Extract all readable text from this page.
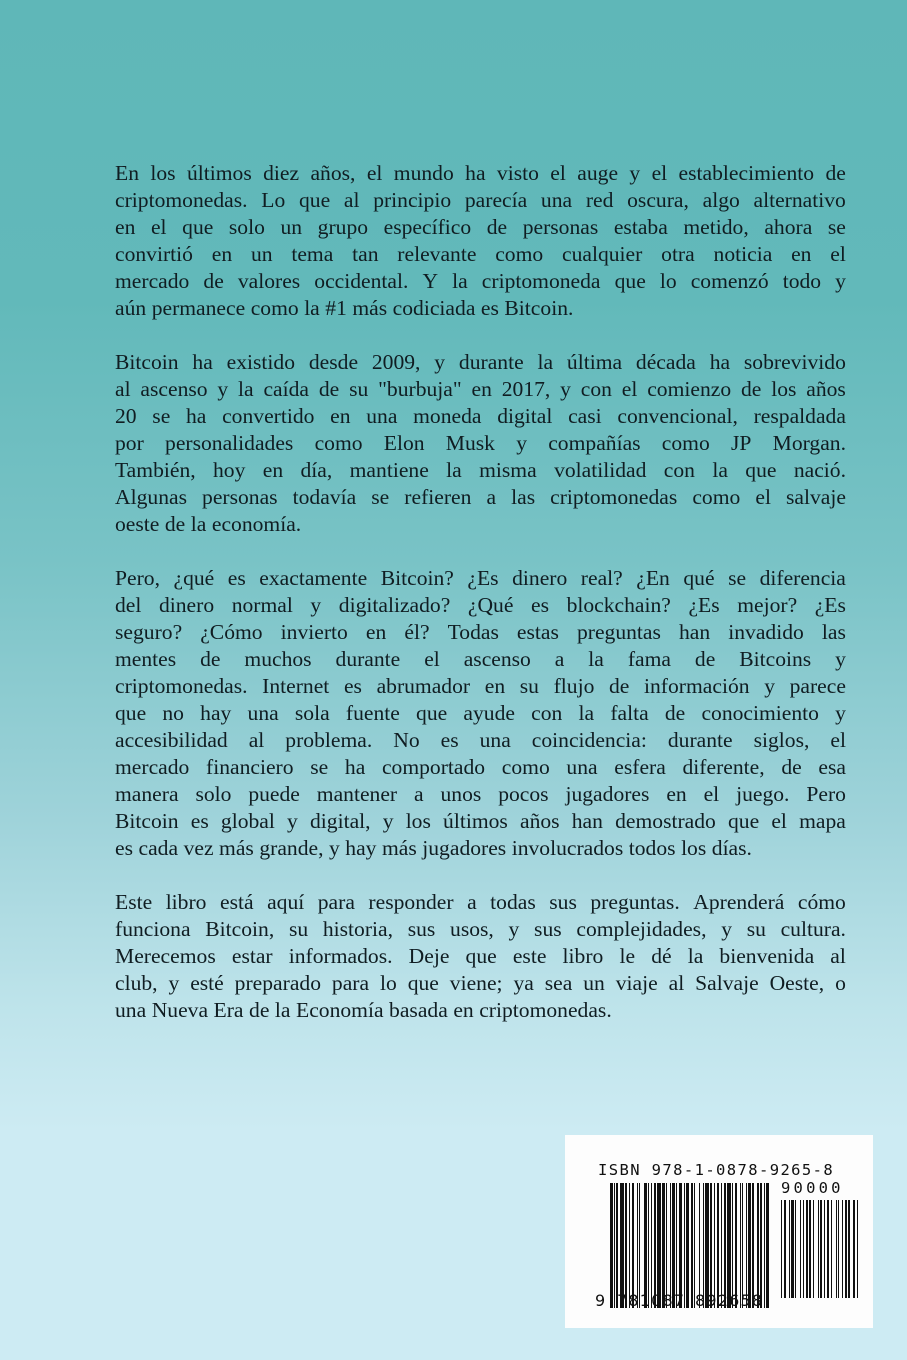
En los últimos diez años, el mundo ha visto el auge y el establecimiento de
criptomonedas. Lo que al principio parecía una red oscura, algo alternativo
en el que solo un grupo específico de personas estaba metido, ahora se
convirtió en un tema tan relevante como cualquier otra noticia en el
mercado de valores occidental. Y la criptomoneda que lo comenzó todo y
aún permanece como la #1 más codiciada es Bitcoin.
Bitcoin ha existido desde 2009, y durante la última década ha sobrevivido
al ascenso y la caída de su "burbuja" en 2017, y con el comienzo de los años
20 se ha convertido en una moneda digital casi convencional, respaldada
por personalidades como Elon Musk y compañías como JP Morgan.
También, hoy en día, mantiene la misma volatilidad con la que nació.
Algunas personas todavía se refieren a las criptomonedas como el salvaje
oeste de la economía.
Pero, ¿qué es exactamente Bitcoin? ¿Es dinero real? ¿En qué se diferencia
del dinero normal y digitalizado? ¿Qué es blockchain? ¿Es mejor? ¿Es
seguro? ¿Cómo invierto en él? Todas estas preguntas han invadido las
mentes de muchos durante el ascenso a la fama de Bitcoins y
criptomonedas. Internet es abrumador en su flujo de información y parece
que no hay una sola fuente que ayude con la falta de conocimiento y
accesibilidad al problema. No es una coincidencia: durante siglos, el
mercado financiero se ha comportado como una esfera diferente, de esa
manera solo puede mantener a unos pocos jugadores en el juego. Pero
Bitcoin es global y digital, y los últimos años han demostrado que el mapa
es cada vez más grande, y hay más jugadores involucrados todos los días.
Este libro está aquí para responder a todas sus preguntas. Aprenderá cómo
funciona Bitcoin, su historia, sus usos, y sus complejidades, y su cultura.
Merecemos estar informados. Deje que este libro le dé la bienvenida al
club, y esté preparado para lo que viene; ya sea un viaje al Salvaje Oeste, o
una Nueva Era de la Economía basada en criptomonedas.
ISBN 978-1-0878-9265-8
90000
9 781087 892658
